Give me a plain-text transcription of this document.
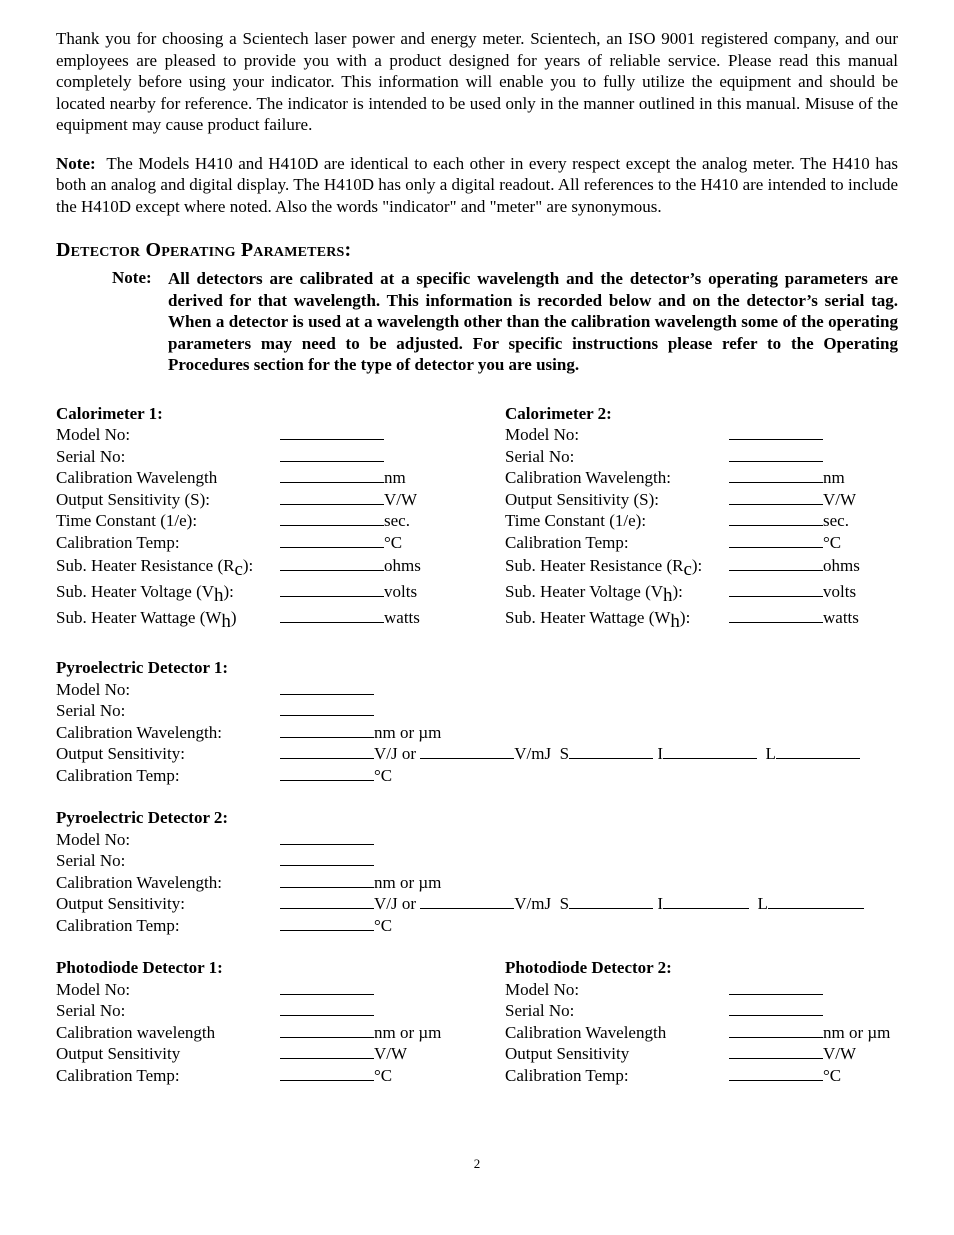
Thank you for choosing a Scientech laser power and energy meter. Scientech, an ISO 9001 registered company, and our employees are pleased to provide you with a product designed for years of reliable service. Please read this manual completely before using your indicator. This information will enable you to fully utilize the equipment and should be located nearby for reference. The indicator is intended to be used only in the manner outlined in this manual. Misuse of the equipment may cause product failure.

Note: The Models H410 and H410D are identical to each other in every respect except the analog meter. The H410 has both an analog and digital display. The H410D has only a digital readout. All references to the H410 are intended to include the H410D except where noted. Also the words "indicator" and "meter" are synonymous.

Detector Operating Parameters:
Note: All detectors are calibrated at a specific wavelength and the detector’s operating parameters are derived for that wavelength. This information is recorded below and on the detector’s serial tag. When a detector is used at a wavelength other than the calibration wavelength some of the operating parameters may need to be adjusted. For specific instructions please refer to the Operating Procedures section for the type of detector you are using.

Calorimeter 1:	Calorimeter 2:
Model No:	Model No:
Serial No:	Serial No:
Calibration Wavelength	nm	Calibration Wavelength:	nm
Output Sensitivity (S):	V/W	Output Sensitivity (S):	V/W
Time Constant (1/e):	sec.	Time Constant (1/e):	sec.
Calibration Temp:	°C	Calibration Temp:	°C
Sub. Heater Resistance (Rc):	ohms	Sub. Heater Resistance (Rc):	ohms
Sub. Heater Voltage (Vh):	volts	Sub. Heater Voltage (Vh):	volts
Sub. Heater Wattage (Wh)	watts	Sub. Heater Wattage (Wh):	watts
Pyroelectric Detector 1:
Model No:
Serial No:
Calibration Wavelength:	nm or µm
Output Sensitivity:	V/J or	V/mJ S	I	L
Calibration Temp:	°C
Pyroelectric Detector 2:
Model No:
Serial No:
Calibration Wavelength:	nm or µm
Output Sensitivity:	V/J or	V/mJ S	I	L
Calibration Temp:	°C
Photodiode Detector 1:	Photodiode Detector 2:
Model No:	Model No:
Serial No:	Serial No:
Calibration wavelength	nm or µm	Calibration Wavelength	nm or µm
Output Sensitivity	V/W	Output Sensitivity	V/W
Calibration Temp:	°C	Calibration Temp:	°C
2
